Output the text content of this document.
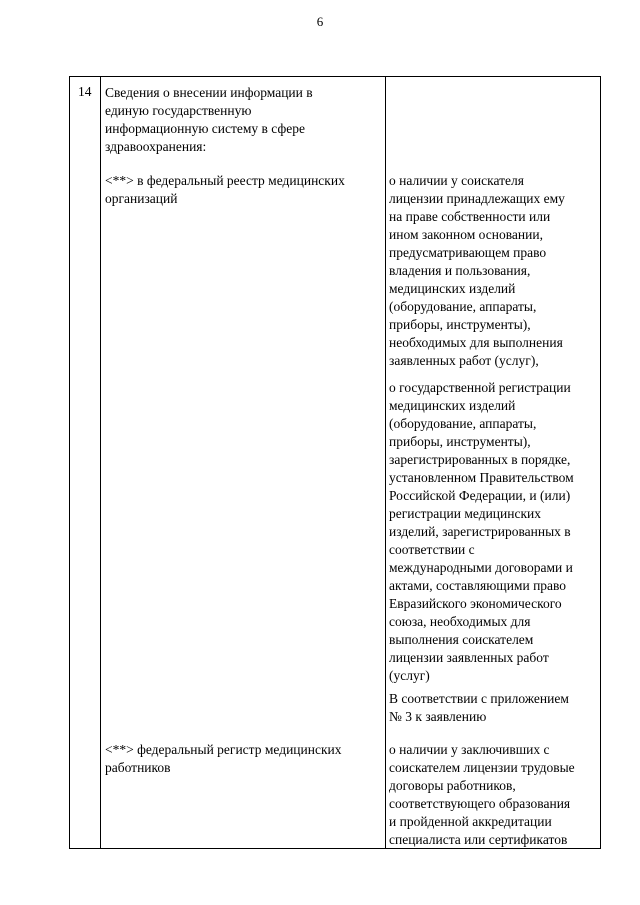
6
14 Сведения о внесении информации в
единую государственную
информационную систему в сфере
здравоохранения:
<**> в федеральный реестр медицинских
организаций
<**> федеральный регистр медицинских
работников
о наличии у соискателя
лицензии принадлежащих ему
на праве собственности или
ином законном основании,
предусматривающем право
владения и пользования,
медицинских изделий
(оборудование, аппараты,
приборы, инструменты),
необходимых для выполнения
заявленных работ (услуг),
о государственной регистрации
медицинских изделий
(оборудование, аппараты,
приборы, инструменты),
зарегистрированных в порядке,
установленном Правительством
Российской Федерации, и (или)
регистрации медицинских
изделий, зарегистрированных в
соответствии с
международными договорами и
актами, составляющими право
Евразийского экономического
союза, необходимых для
выполнения соискателем
лицензии заявленных работ
(услуг)
В соответствии с приложением
№ 3 к заявлению
о наличии у заключивших с
соискателем лицензии трудовые
договоры работников,
соответствующего образования
и пройденной аккредитации
специалиста или сертификатов
